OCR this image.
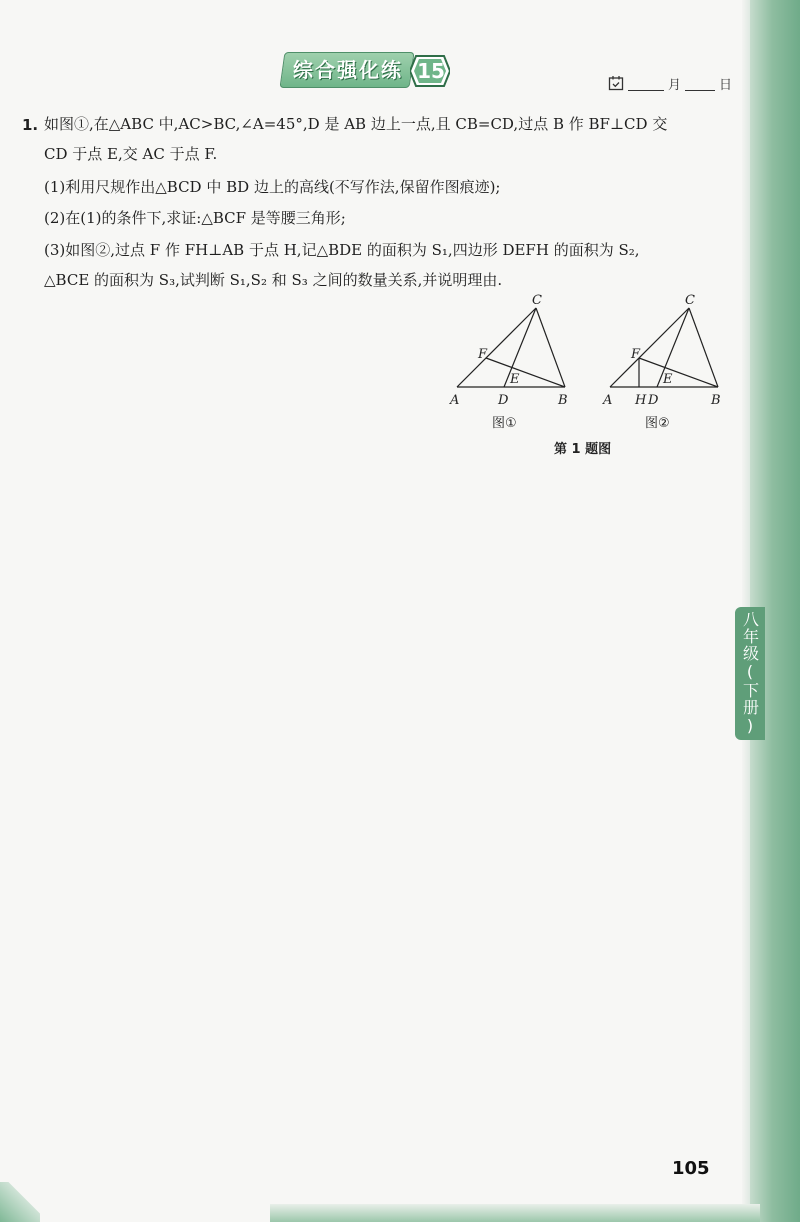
八年级(下册)
综合强化练 15
月	日
1. 如图①,在△ABC 中,AC>BC,∠A=45°,D 是 AB 边上一点,且 CB=CD,过点 B 作 BF⊥CD 交
CD 于点 E,交 AC 于点 F.
(1)利用尺规作出△BCD 中 BD 边上的高线(不写作法,保留作图痕迹);
(2)在(1)的条件下,求证:△BCF 是等腰三角形;
(3)如图②,过点 F 作 FH⊥AB 于点 H,记△BDE 的面积为 S₁,四边形 DEFH 的面积为 S₂,
△BCE 的面积为 S₃,试判断 S₁,S₂ 和 S₃ 之间的数量关系,并说明理由.
C
F
E
A	D	B
C
F
E
A H D	B
图①	图②
第 1 题图
105
